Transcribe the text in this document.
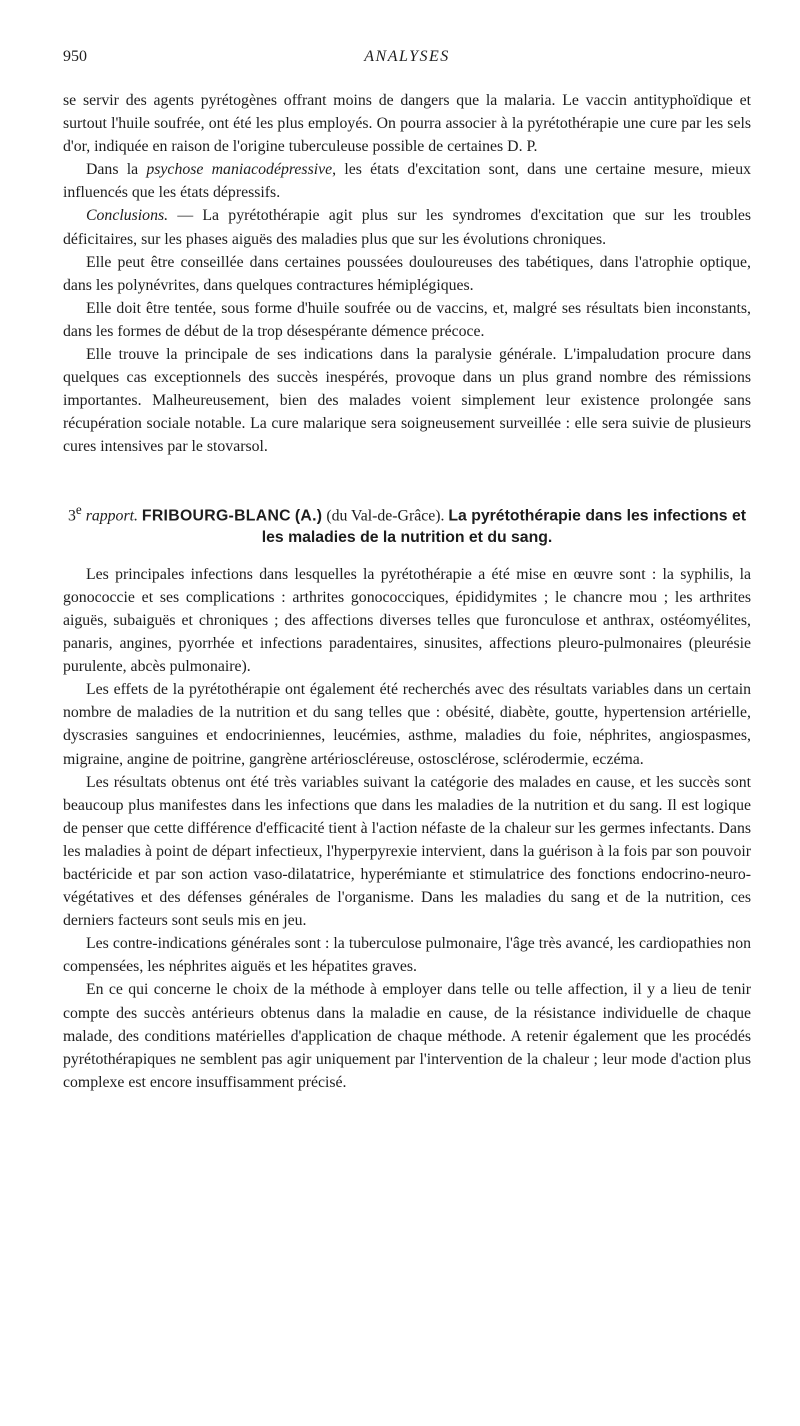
950	ANALYSES

se servir des agents pyrétogènes offrant moins de dangers que la malaria. Le vaccin antityphoïdique et surtout l'huile soufrée, ont été les plus employés. On pourra associer à la pyrétothérapie une cure par les sels d'or, indiquée en raison de l'origine tuberculeuse possible de certaines D. P.

Dans la psychose maniacodépressive, les états d'excitation sont, dans une certaine mesure, mieux influencés que les états dépressifs.

Conclusions. — La pyrétothérapie agit plus sur les syndromes d'excitation que sur les troubles déficitaires, sur les phases aiguës des maladies plus que sur les évolutions chroniques.

Elle peut être conseillée dans certaines poussées douloureuses des tabétiques, dans l'atrophie optique, dans les polynévrites, dans quelques contractures hémiplégiques.

Elle doit être tentée, sous forme d'huile soufrée ou de vaccins, et, malgré ses résultats bien inconstants, dans les formes de début de la trop désespérante démence précoce.

Elle trouve la principale de ses indications dans la paralysie générale. L'impaludation procure dans quelques cas exceptionnels des succès inespérés, provoque dans un plus grand nombre des rémissions importantes. Malheureusement, bien des malades voient simplement leur existence prolongée sans récupération sociale notable. La cure malarique sera soigneusement surveillée : elle sera suivie de plusieurs cures intensives par le stovarsol.

3e rapport. FRIBOURG-BLANC (A.) (du Val-de-Grâce). La pyrétothérapie dans les infections et les maladies de la nutrition et du sang.

Les principales infections dans lesquelles la pyrétothérapie a été mise en œuvre sont : la syphilis, la gonococcie et ses complications : arthrites gonococciques, épididymites ; le chancre mou ; les arthrites aiguës, subaiguës et chroniques ; des affections diverses telles que furonculose et anthrax, ostéomyélites, panaris, angines, pyorrhée et infections paradentaires, sinusites, affections pleuro-pulmonaires (pleurésie purulente, abcès pulmonaire).

Les effets de la pyrétothérapie ont également été recherchés avec des résultats variables dans un certain nombre de maladies de la nutrition et du sang telles que : obésité, diabète, goutte, hypertension artérielle, dyscrasies sanguines et endocriniennes, leucémies, asthme, maladies du foie, néphrites, angiospasmes, migraine, angine de poitrine, gangrène artérioscléreuse, ostosclérose, sclérodermie, eczéma.

Les résultats obtenus ont été très variables suivant la catégorie des malades en cause, et les succès sont beaucoup plus manifestes dans les infections que dans les maladies de la nutrition et du sang. Il est logique de penser que cette différence d'efficacité tient à l'action néfaste de la chaleur sur les germes infectants. Dans les maladies à point de départ infectieux, l'hyperpyrexie intervient, dans la guérison à la fois par son pouvoir bactéricide et par son action vaso-dilatatrice, hyperémiante et stimulatrice des fonctions endocrino-neuro-végétatives et des défenses générales de l'organisme. Dans les maladies du sang et de la nutrition, ces derniers facteurs sont seuls mis en jeu.

Les contre-indications générales sont : la tuberculose pulmonaire, l'âge très avancé, les cardiopathies non compensées, les néphrites aiguës et les hépatites graves.

En ce qui concerne le choix de la méthode à employer dans telle ou telle affection, il y a lieu de tenir compte des succès antérieurs obtenus dans la maladie en cause, de la résistance individuelle de chaque malade, des conditions matérielles d'application de chaque méthode. A retenir également que les procédés pyrétothérapiques ne semblent pas agir uniquement par l'intervention de la chaleur ; leur mode d'action plus complexe est encore insuffisamment précisé.
